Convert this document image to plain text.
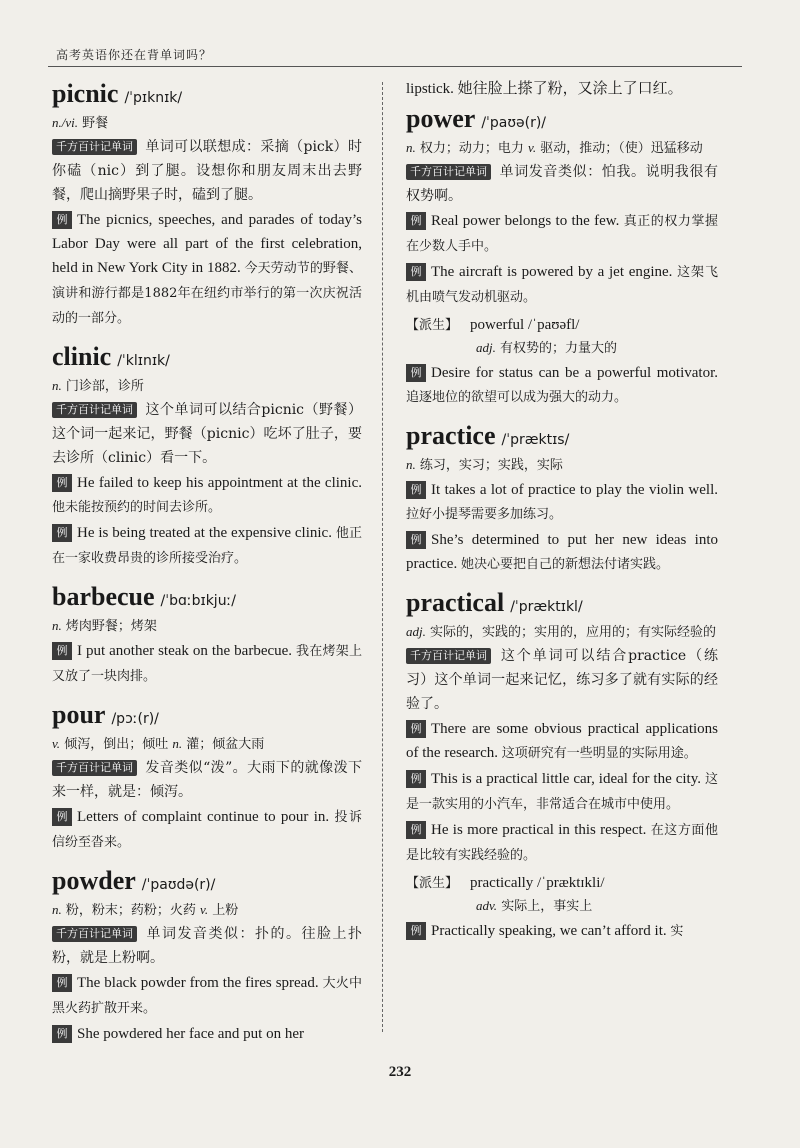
高考英语你还在背单词吗？
picnic /ˈpɪknɪk/
n./vi. 野餐
千方百计记单词 单词可以联想成：采摘（pick）时你磕（nic）到了腿。设想你和朋友周末出去野餐，爬山摘野果子时，磕到了腿。
例 The picnics, speeches, and parades of today’s Labor Day were all part of the first celebration, held in New York City in 1882. 今天劳动节的野餐、演讲和游行都是1882年在纽约市举行的第一次庆祝活动的一部分。
clinic /ˈklɪnɪk/
n. 门诊部，诊所
千方百计记单词 这个单词可以结合picnic（野餐）这个词一起来记，野餐（picnic）吃坏了肚子，要去诊所（clinic）看一下。
例 He failed to keep his appointment at the clinic. 他未能按预约的时间去诊所。
例 He is being treated at the expensive clinic. 他正在一家收费昂贵的诊所接受治疗。
barbecue /ˈbɑːbɪkjuː/
n. 烤肉野餐；烤架
例 I put another steak on the barbecue. 我在烤架上又放了一块肉排。
pour /pɔː(r)/
v. 倾泻，倒出；倾吐 n. 灌；倾盆大雨
千方百计记单词 发音类似“泼”。大雨下的就像泼下来一样，就是：倾泻。
例 Letters of complaint continue to pour in. 投诉信纷至沓来。
powder /ˈpaʊdə(r)/
n. 粉，粉末；药粉；火药 v. 上粉
千方百计记单词 单词发音类似：扑的。往脸上扑粉，就是上粉啊。
例 The black powder from the fires spread. 大火中黑火药扩散开来。
例 She powdered her face and put on her
lipstick. 她往脸上搽了粉，又涂上了口红。
power /ˈpaʊə(r)/
n. 权力；动力；电力 v. 驱动，推动；（使）迅猛移动
千方百计记单词 单词发音类似：怕我。说明我很有权势啊。
例 Real power belongs to the few. 真正的权力掌握在少数人手中。
例 The aircraft is powered by a jet engine. 这架飞机由喷气发动机驱动。
【派生】 powerful /ˈpaʊəfl/
adj. 有权势的；力量大的
例 Desire for status can be a powerful motivator. 追逐地位的欲望可以成为强大的动力。
practice /ˈpræktɪs/
n. 练习，实习；实践，实际
例 It takes a lot of practice to play the violin well. 拉好小提琴需要多加练习。
例 She’s determined to put her new ideas into practice. 她决心要把自己的新想法付诸实践。
practical /ˈpræktɪkl/
adj. 实际的，实践的；实用的，应用的；有实际经验的
千方百计记单词 这个单词可以结合practice（练习）这个单词一起来记忆，练习多了就有实际的经验了。
例 There are some obvious practical applications of the research. 这项研究有一些明显的实际用途。
例 This is a practical little car, ideal for the city. 这是一款实用的小汽车，非常适合在城市中使用。
例 He is more practical in this respect. 在这方面他是比较有实践经验的。
【派生】 practically /ˈpræktɪkli/
adv. 实际上，事实上
例 Practically speaking, we can’t afford it. 实
232
